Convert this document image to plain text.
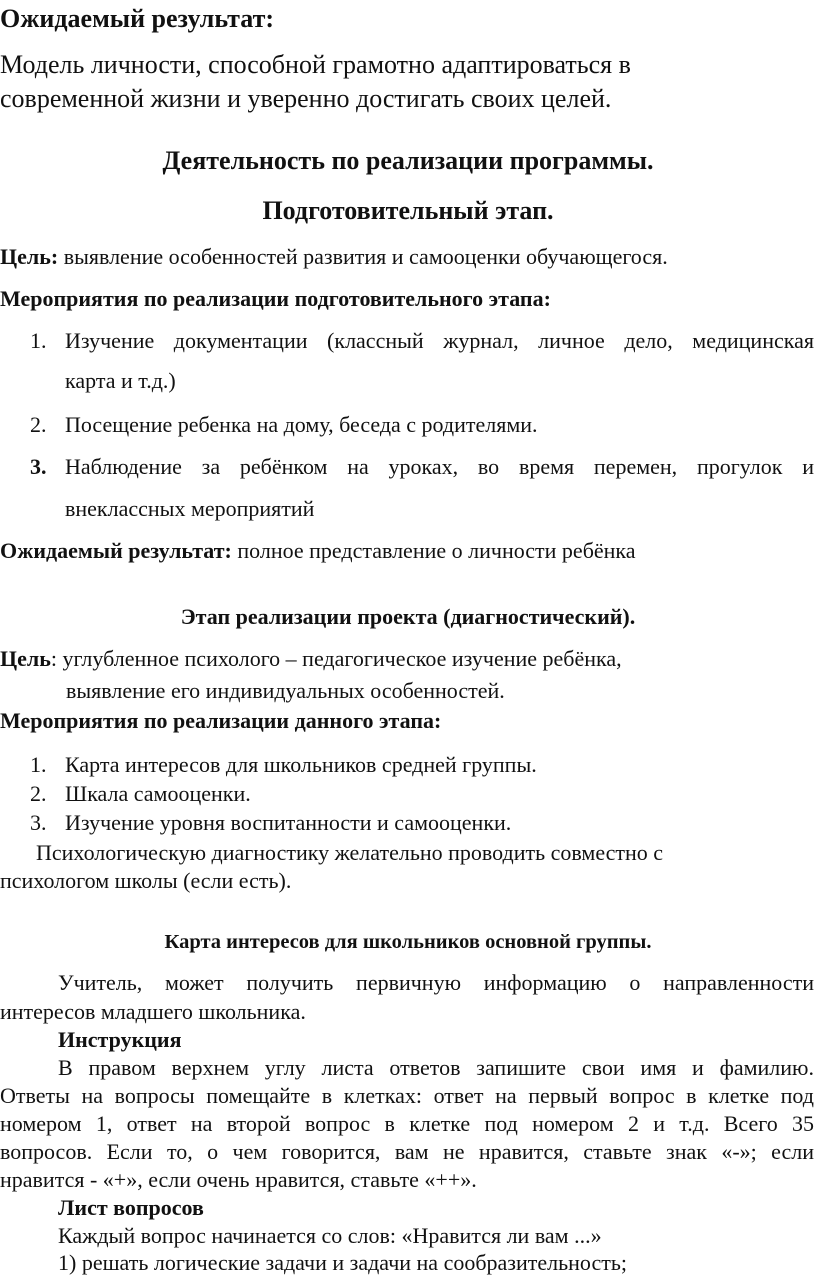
Ожидаемый результат:
Модель личности, способной грамотно адаптироваться в
современной жизни и уверенно достигать своих целей.
Деятельность по реализации программы.
Подготовительный этап.
Цель: выявление особенностей развития и самооценки обучающегося.
Мероприятия по реализации подготовительного этапа:
1. Изучение документации (классный журнал, личное дело, медицинская
карта и т.д.)
2. Посещение ребенка на дому, беседа с родителями.
3. Наблюдение за ребёнком на уроках, во время перемен, прогулок и
внеклассных мероприятий
Ожидаемый результат: полное представление о личности ребёнка
Этап реализации проекта (диагностический).
Цель: углубленное психолого – педагогическое изучение ребёнка,
выявление его индивидуальных особенностей.
Мероприятия по реализации данного этапа:
1. Карта интересов для школьников средней группы.
2. Шкала самооценки.
3. Изучение уровня воспитанности и самооценки.
Психологическую диагностику желательно проводить совместно с
психологом школы (если есть).
Карта интересов для школьников основной группы.
Учитель, может получить первичную информацию о направленности
интересов младшего школьника.
Инструкция
В правом верхнем углу листа ответов запишите свои имя и фамилию.
Ответы на вопросы помещайте в клетках: ответ на первый вопрос в клетке под
номером 1, ответ на второй вопрос в клетке под номером 2 и т.д. Всего 35
вопросов. Если то, о чем говорится, вам не нравится, ставьте знак «-»; если
нравится - «+», если очень нравится, ставьте «++».
Лист вопросов
Каждый вопрос начинается со слов: «Нравится ли вам ...»
1) решать логические задачи и задачи на сообразительность;
